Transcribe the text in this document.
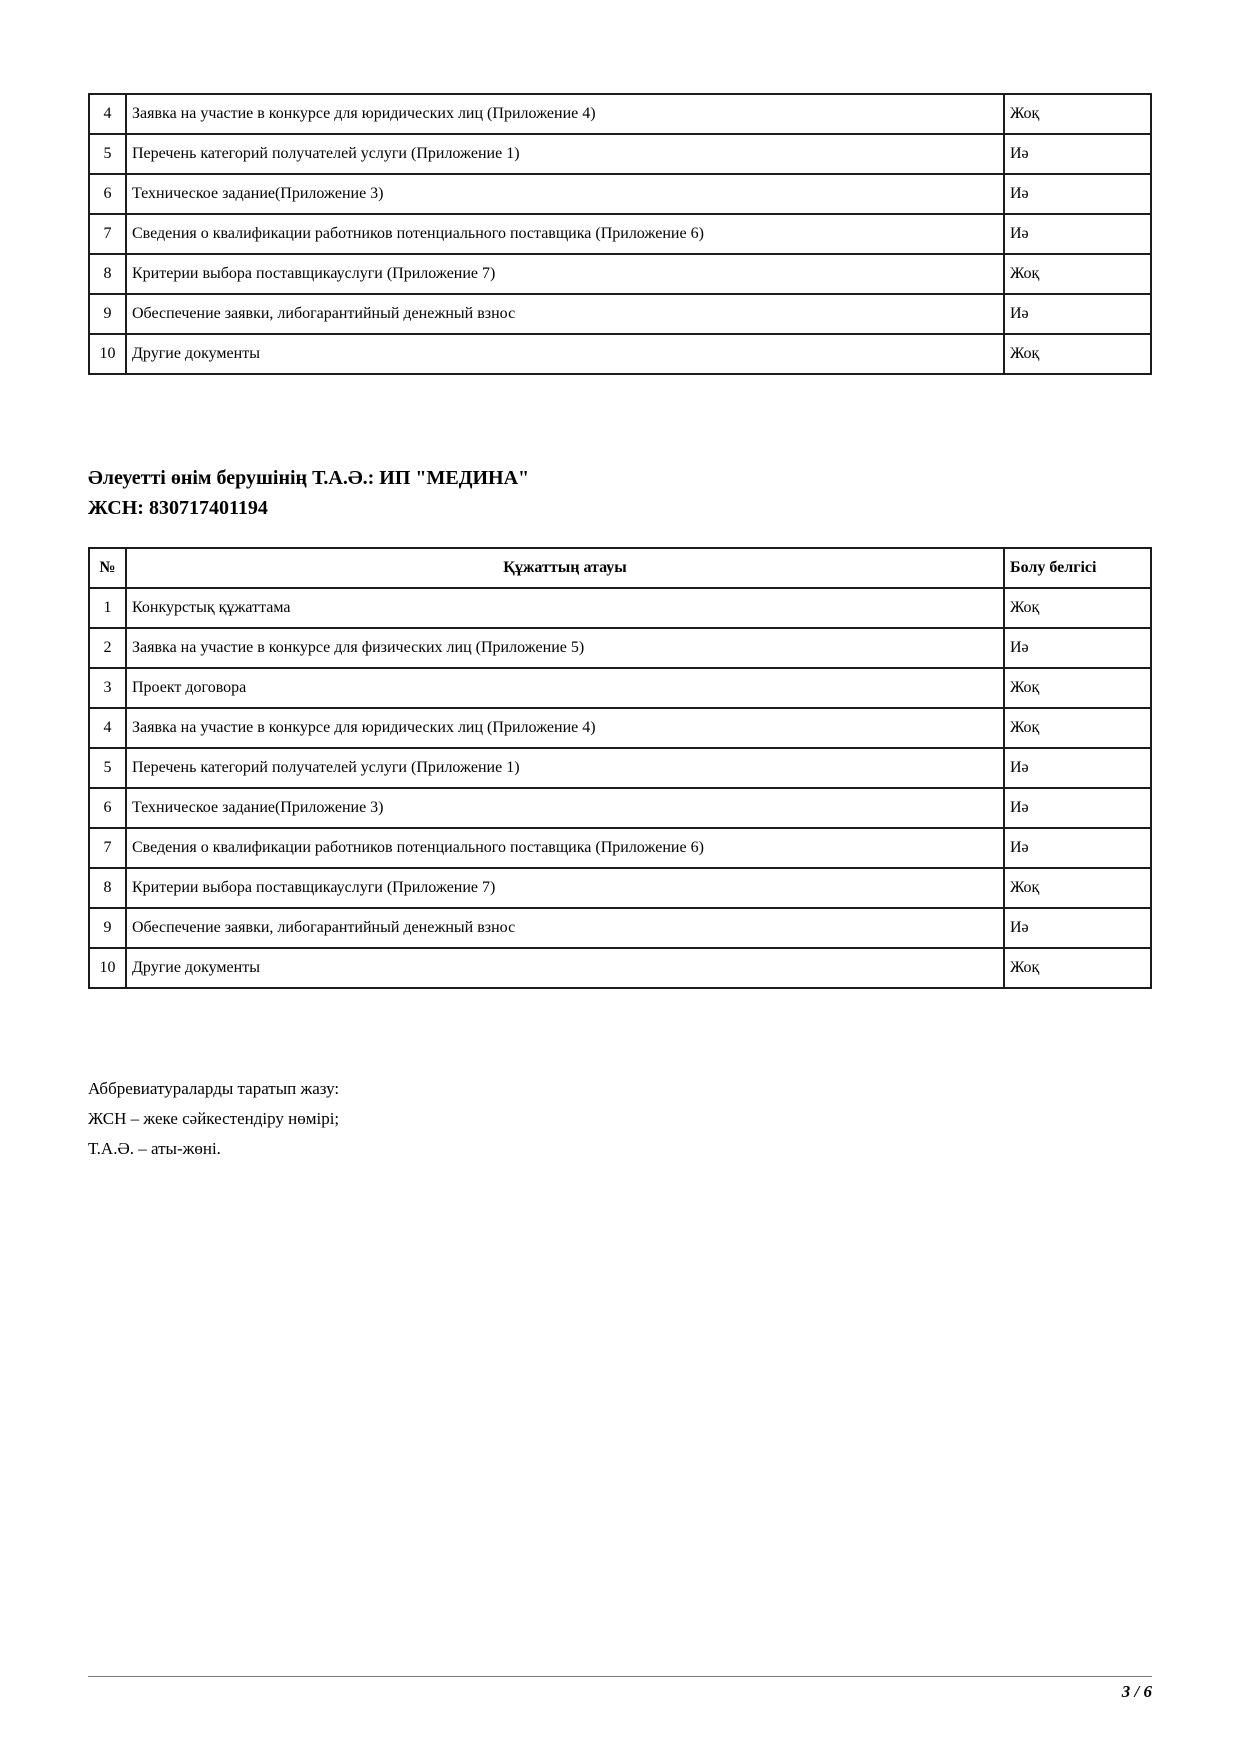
4	Заявка на участие в конкурсе для юридических лиц (Приложение 4)	Жоқ
5	Перечень категорий получателей услуги (Приложение 1)	Иә
6	Техническое задание(Приложение 3)	Иә
7	Сведения о квалификации работников потенциального поставщика (Приложение 6)	Иә
8	Критерии выбора поставщикауслуги (Приложение 7)	Жоқ
9	Обеспечение заявки, либогарантийный денежный взнос	Иә
10	Другие документы	Жоқ
Әлеуетті өнім берушінің Т.А.Ә.: ИП "МЕДИНА"
ЖСН: 830717401194
№	Құжаттың атауы	Болу белгісі
1	Конкурстық құжаттама	Жоқ
2	Заявка на участие в конкурсе для физических лиц (Приложение 5)	Иә
3	Проект договора	Жоқ
4	Заявка на участие в конкурсе для юридических лиц (Приложение 4)	Жоқ
5	Перечень категорий получателей услуги (Приложение 1)	Иә
6	Техническое задание(Приложение 3)	Иә
7	Сведения о квалификации работников потенциального поставщика (Приложение 6)	Иә
8	Критерии выбора поставщикауслуги (Приложение 7)	Жоқ
9	Обеспечение заявки, либогарантийный денежный взнос	Иә
10	Другие документы	Жоқ
Аббревиатураларды таратып жазу:
ЖСН – жеке сәйкестендіру нөмірі;
Т.А.Ә. – аты-жөні.
3 / 6
